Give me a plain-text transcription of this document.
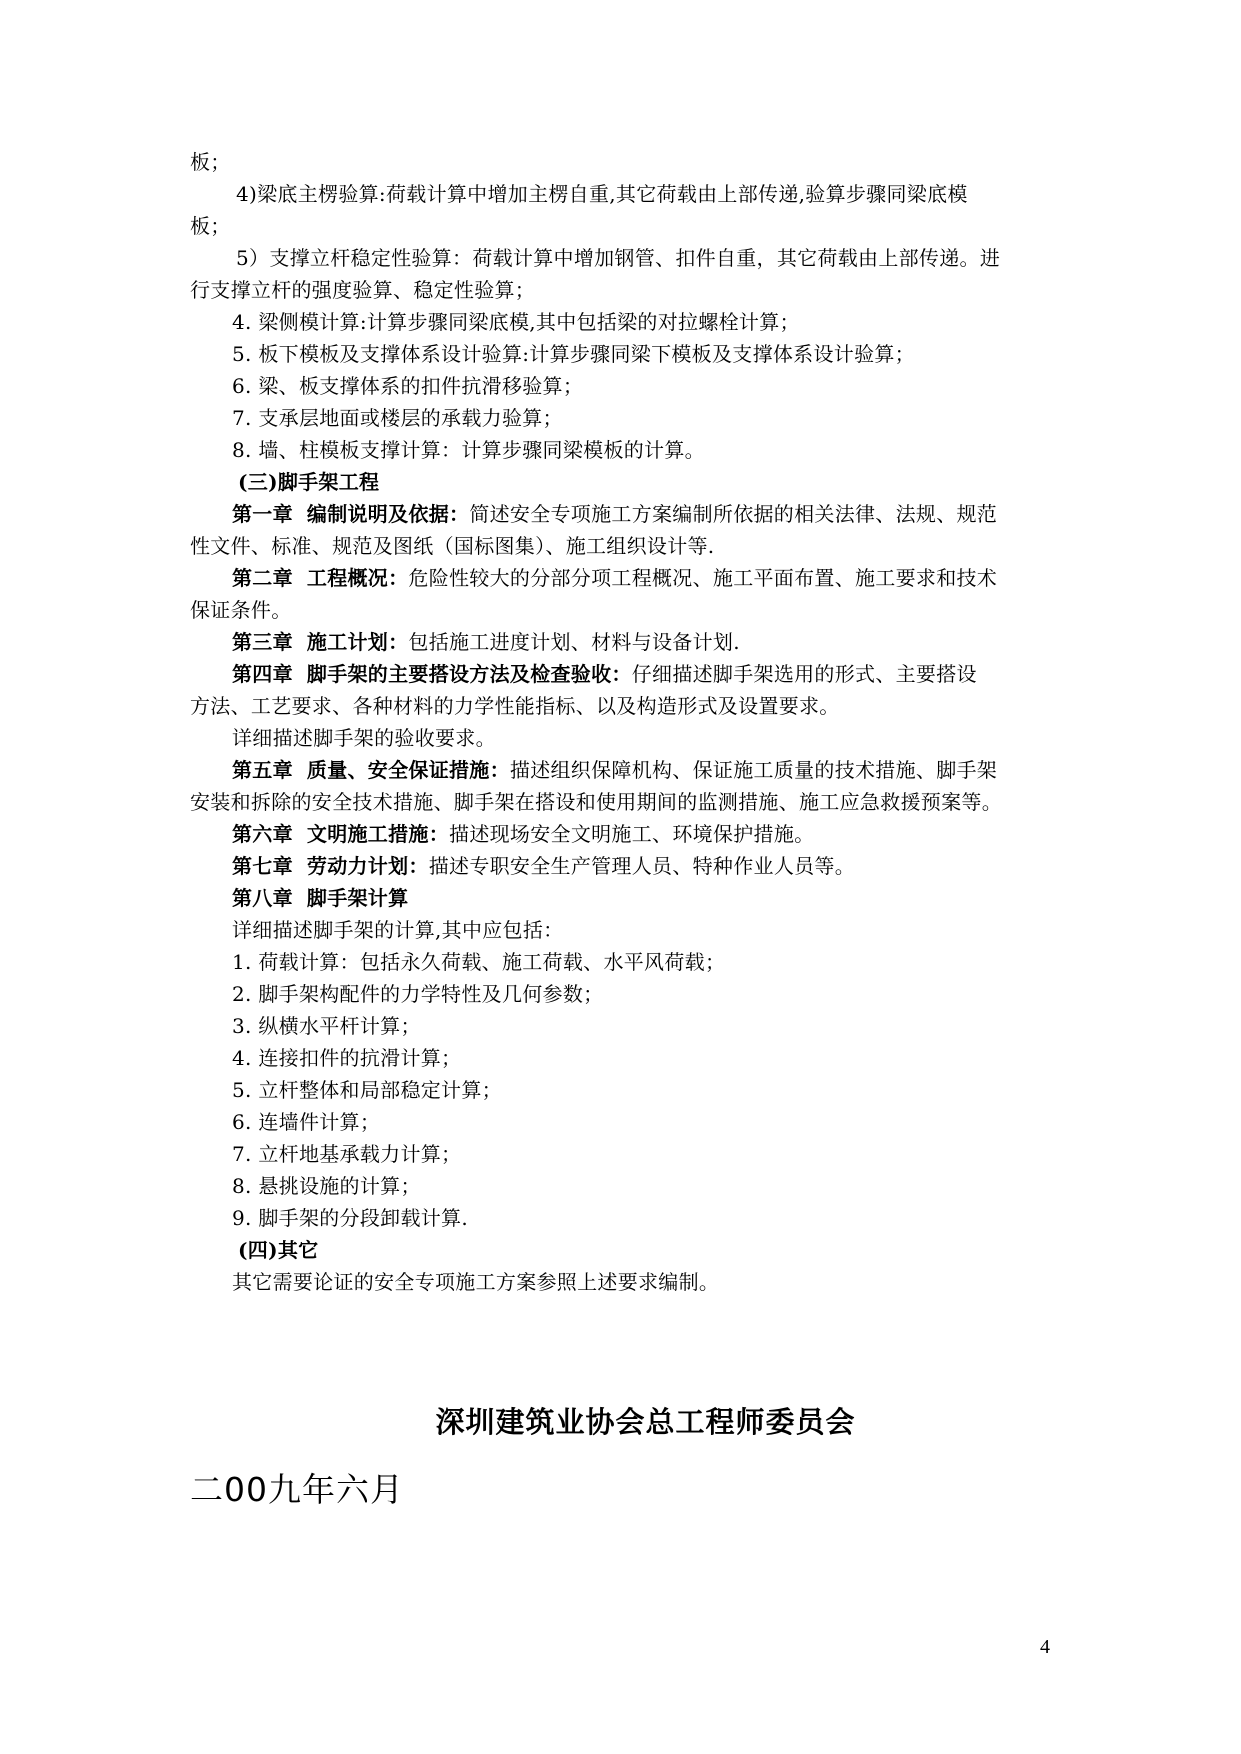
板；
4)梁底主楞验算:荷载计算中增加主楞自重,其它荷载由上部传递,验算步骤同梁底模
板；
5）支撑立杆稳定性验算：荷载计算中增加钢管、扣件自重，其它荷载由上部传递。进
行支撑立杆的强度验算、稳定性验算；
4. 梁侧模计算:计算步骤同梁底模,其中包括梁的对拉螺栓计算；
5. 板下模板及支撑体系设计验算:计算步骤同梁下模板及支撑体系设计验算；
6. 梁、板支撑体系的扣件抗滑移验算；
7. 支承层地面或楼层的承载力验算；
8. 墙、柱模板支撑计算：计算步骤同梁模板的计算。
(三)脚手架工程
第一章 编制说明及依据：简述安全专项施工方案编制所依据的相关法律、法规、规范
性文件、标准、规范及图纸（国标图集）、施工组织设计等.
第二章 工程概况：危险性较大的分部分项工程概况、施工平面布置、施工要求和技术
保证条件。
第三章 施工计划：包括施工进度计划、材料与设备计划.
第四章 脚手架的主要搭设方法及检查验收：仔细描述脚手架选用的形式、主要搭设
方法、工艺要求、各种材料的力学性能指标、以及构造形式及设置要求。
详细描述脚手架的验收要求。
第五章 质量、安全保证措施：描述组织保障机构、保证施工质量的技术措施、脚手架
安装和拆除的安全技术措施、脚手架在搭设和使用期间的监测措施、施工应急救援预案等。
第六章 文明施工措施：描述现场安全文明施工、环境保护措施。
第七章 劳动力计划：描述专职安全生产管理人员、特种作业人员等。
第八章 脚手架计算
详细描述脚手架的计算,其中应包括：
1. 荷载计算：包括永久荷载、施工荷载、水平风荷载；
2. 脚手架构配件的力学特性及几何参数；
3. 纵横水平杆计算；
4. 连接扣件的抗滑计算；
5. 立杆整体和局部稳定计算；
6. 连墙件计算；
7. 立杆地基承载力计算；
8. 悬挑设施的计算；
9. 脚手架的分段卸载计算.
(四)其它
其它需要论证的安全专项施工方案参照上述要求编制。
深圳建筑业协会总工程师委员会
二00九年六月
4
